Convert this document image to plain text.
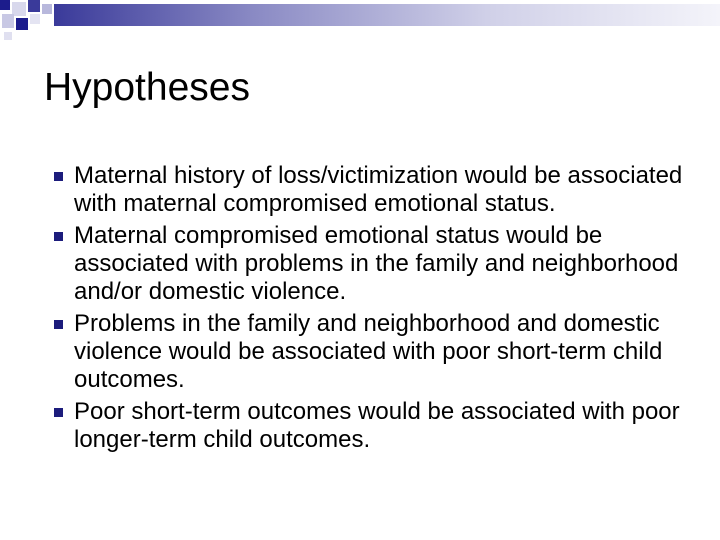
Hypotheses
Maternal history of loss/victimization would be associated with maternal compromised emotional status.
Maternal compromised emotional status would be associated with problems in the family and neighborhood and/or domestic violence.
Problems in the family and neighborhood and domestic violence would be associated with poor short-term child outcomes.
Poor short-term outcomes would be associated with poor longer-term child outcomes.
